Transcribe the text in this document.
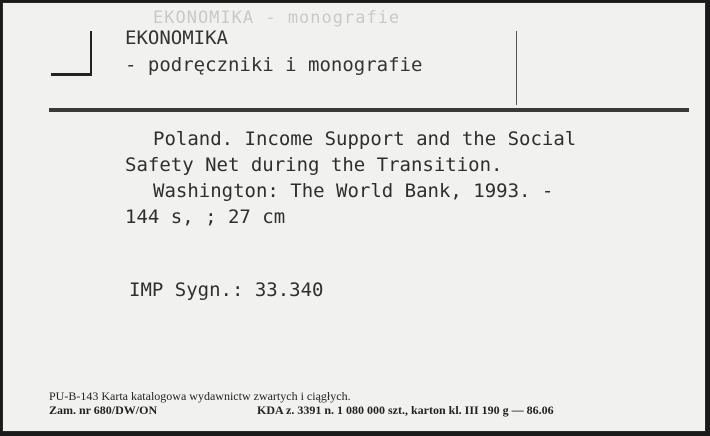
EKONOMIKA - monografie
EKONOMIKA
- podręczniki i monografie
Poland. Income Support and the Social
Safety Net during the Transition.
Washington: The World Bank, 1993. -
144 s, ; 27 cm
IMP Sygn.: 33.340
PU-B-143 Karta katalogowa wydawnictw zwartych i ciągłych.
Zam. nr 680/DW/ON	KDA z. 3391 n. 1 080 000 szt., karton kl. III 190 g — 86.06
